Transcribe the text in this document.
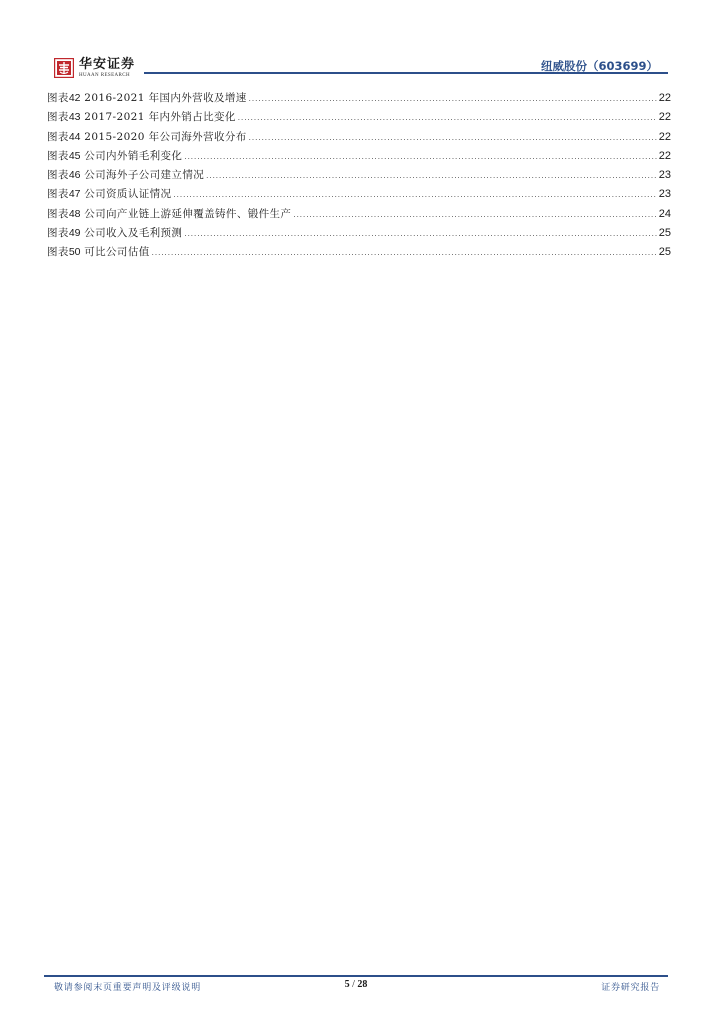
华安证券
HUAAN RESEARCH
纽威股份（603699）
图表42 2016-2021 年国内外营收及增速 .....	22
图表43 2017-2021 年内外销占比变化 .....	22
图表44 2015-2020 年公司海外营收分布 .....	22
图表45 公司内外销毛利变化 .....	22
图表46 公司海外子公司建立情况 .....	23
图表47 公司资质认证情况 .....	23
图表48 公司向产业链上游延伸覆盖铸件、锻件生产 .....	24
图表49 公司收入及毛利预测 .....	25
图表50 可比公司估值 .....	25
敬请参阅末页重要声明及评级说明	5 / 28	证券研究报告
